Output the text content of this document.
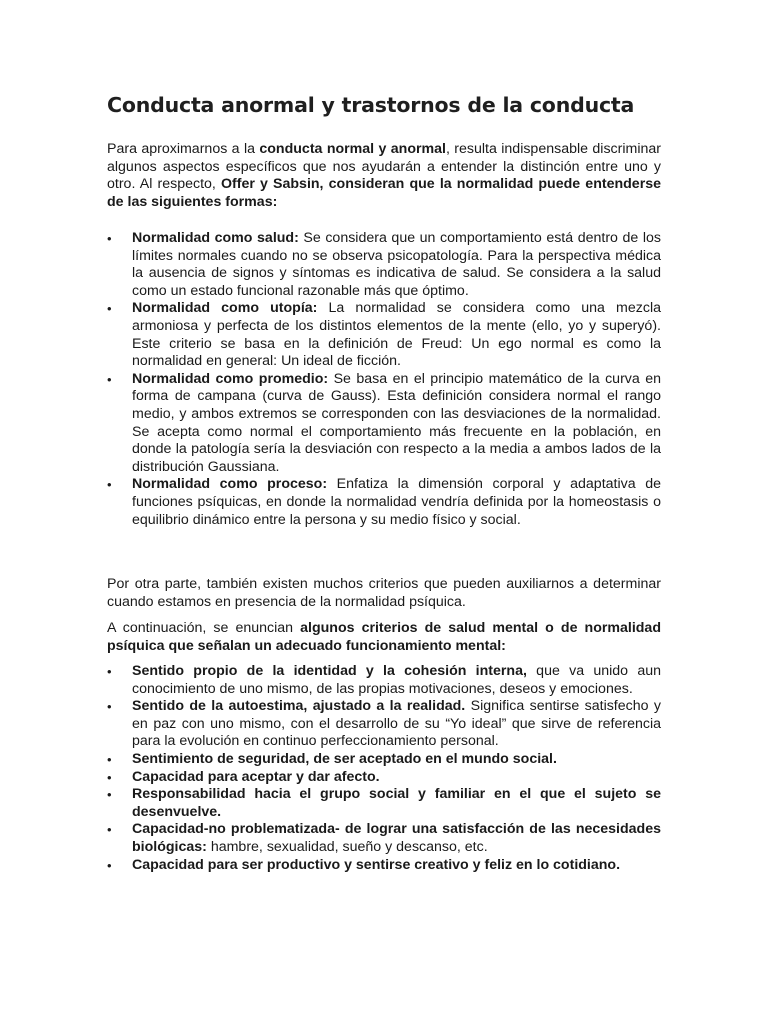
Conducta anormal y trastornos de la conducta

Para aproximarnos a la conducta normal y anormal, resulta indispensable discriminar algunos aspectos específicos que nos ayudarán a entender la distinción entre uno y otro. Al respecto, Offer y Sabsin, consideran que la normalidad puede entenderse de las siguientes formas:

• Normalidad como salud: Se considera que un comportamiento está dentro de los límites normales cuando no se observa psicopatología. Para la perspectiva médica la ausencia de signos y síntomas es indicativa de salud. Se considera a la salud como un estado funcional razonable más que óptimo.
• Normalidad como utopía: La normalidad se considera como una mezcla armoniosa y perfecta de los distintos elementos de la mente (ello, yo y superyó). Este criterio se basa en la definición de Freud: Un ego normal es como la normalidad en general: Un ideal de ficción.
• Normalidad como promedio: Se basa en el principio matemático de la curva en forma de campana (curva de Gauss). Esta definición considera normal el rango medio, y ambos extremos se corresponden con las desviaciones de la normalidad. Se acepta como normal el comportamiento más frecuente en la población, en donde la patología sería la desviación con respecto a la media a ambos lados de la distribución Gaussiana.
• Normalidad como proceso: Enfatiza la dimensión corporal y adaptativa de funciones psíquicas, en donde la normalidad vendría definida por la homeostasis o equilibrio dinámico entre la persona y su medio físico y social.

Por otra parte, también existen muchos criterios que pueden auxiliarnos a determinar cuando estamos en presencia de la normalidad psíquica.

A continuación, se enuncian algunos criterios de salud mental o de normalidad psíquica que señalan un adecuado funcionamiento mental:

• Sentido propio de la identidad y la cohesión interna, que va unido aun conocimiento de uno mismo, de las propias motivaciones, deseos y emociones.
• Sentido de la autoestima, ajustado a la realidad. Significa sentirse satisfecho y en paz con uno mismo, con el desarrollo de su “Yo ideal” que sirve de referencia para la evolución en continuo perfeccionamiento personal.
• Sentimiento de seguridad, de ser aceptado en el mundo social.
• Capacidad para aceptar y dar afecto.
• Responsabilidad hacia el grupo social y familiar en el que el sujeto se desenvuelve.
• Capacidad-no problematizada- de lograr una satisfacción de las necesidades biológicas: hambre, sexualidad, sueño y descanso, etc.
• Capacidad para ser productivo y sentirse creativo y feliz en lo cotidiano.
